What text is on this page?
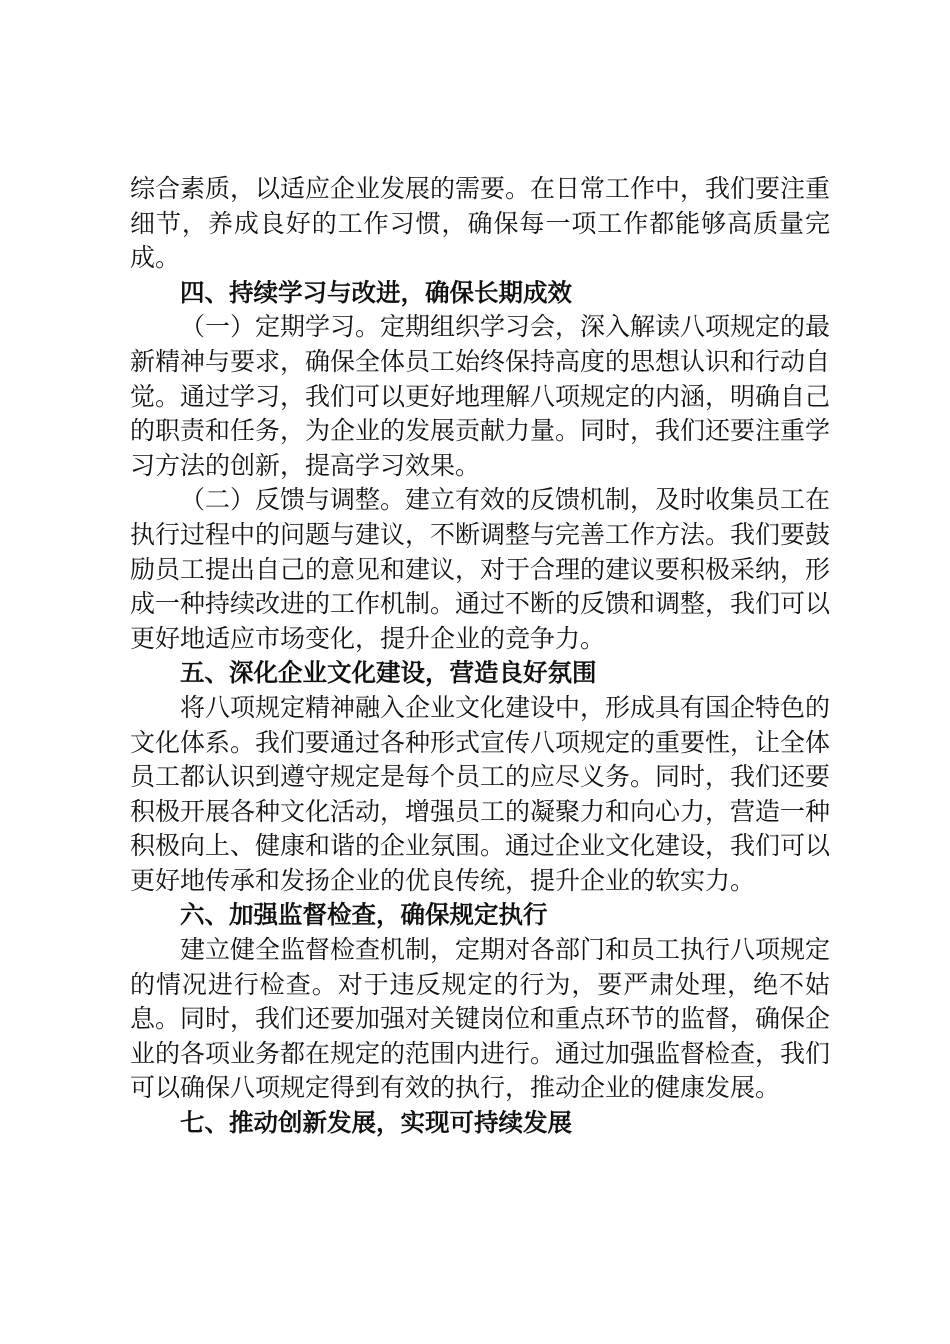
综合素质，以适应企业发展的需要。在日常工作中，我们要注重细节，养成良好的工作习惯，确保每一项工作都能够高质量完成。

四、持续学习与改进，确保长期成效

（一）定期学习。定期组织学习会，深入解读八项规定的最新精神与要求，确保全体员工始终保持高度的思想认识和行动自觉。通过学习，我们可以更好地理解八项规定的内涵，明确自己的职责和任务，为企业的发展贡献力量。同时，我们还要注重学习方法的创新，提高学习效果。

（二）反馈与调整。建立有效的反馈机制，及时收集员工在执行过程中的问题与建议，不断调整与完善工作方法。我们要鼓励员工提出自己的意见和建议，对于合理的建议要积极采纳，形成一种持续改进的工作机制。通过不断的反馈和调整，我们可以更好地适应市场变化，提升企业的竞争力。

五、深化企业文化建设，营造良好氛围

将八项规定精神融入企业文化建设中，形成具有国企特色的文化体系。我们要通过各种形式宣传八项规定的重要性，让全体员工都认识到遵守规定是每个员工的应尽义务。同时，我们还要积极开展各种文化活动，增强员工的凝聚力和向心力，营造一种积极向上、健康和谐的企业氛围。通过企业文化建设，我们可以更好地传承和发扬企业的优良传统，提升企业的软实力。

六、加强监督检查，确保规定执行

建立健全监督检查机制，定期对各部门和员工执行八项规定的情况进行检查。对于违反规定的行为，要严肃处理，绝不姑息。同时，我们还要加强对关键岗位和重点环节的监督，确保企业的各项业务都在规定的范围内进行。通过加强监督检查，我们可以确保八项规定得到有效的执行，推动企业的健康发展。

七、推动创新发展，实现可持续发展
